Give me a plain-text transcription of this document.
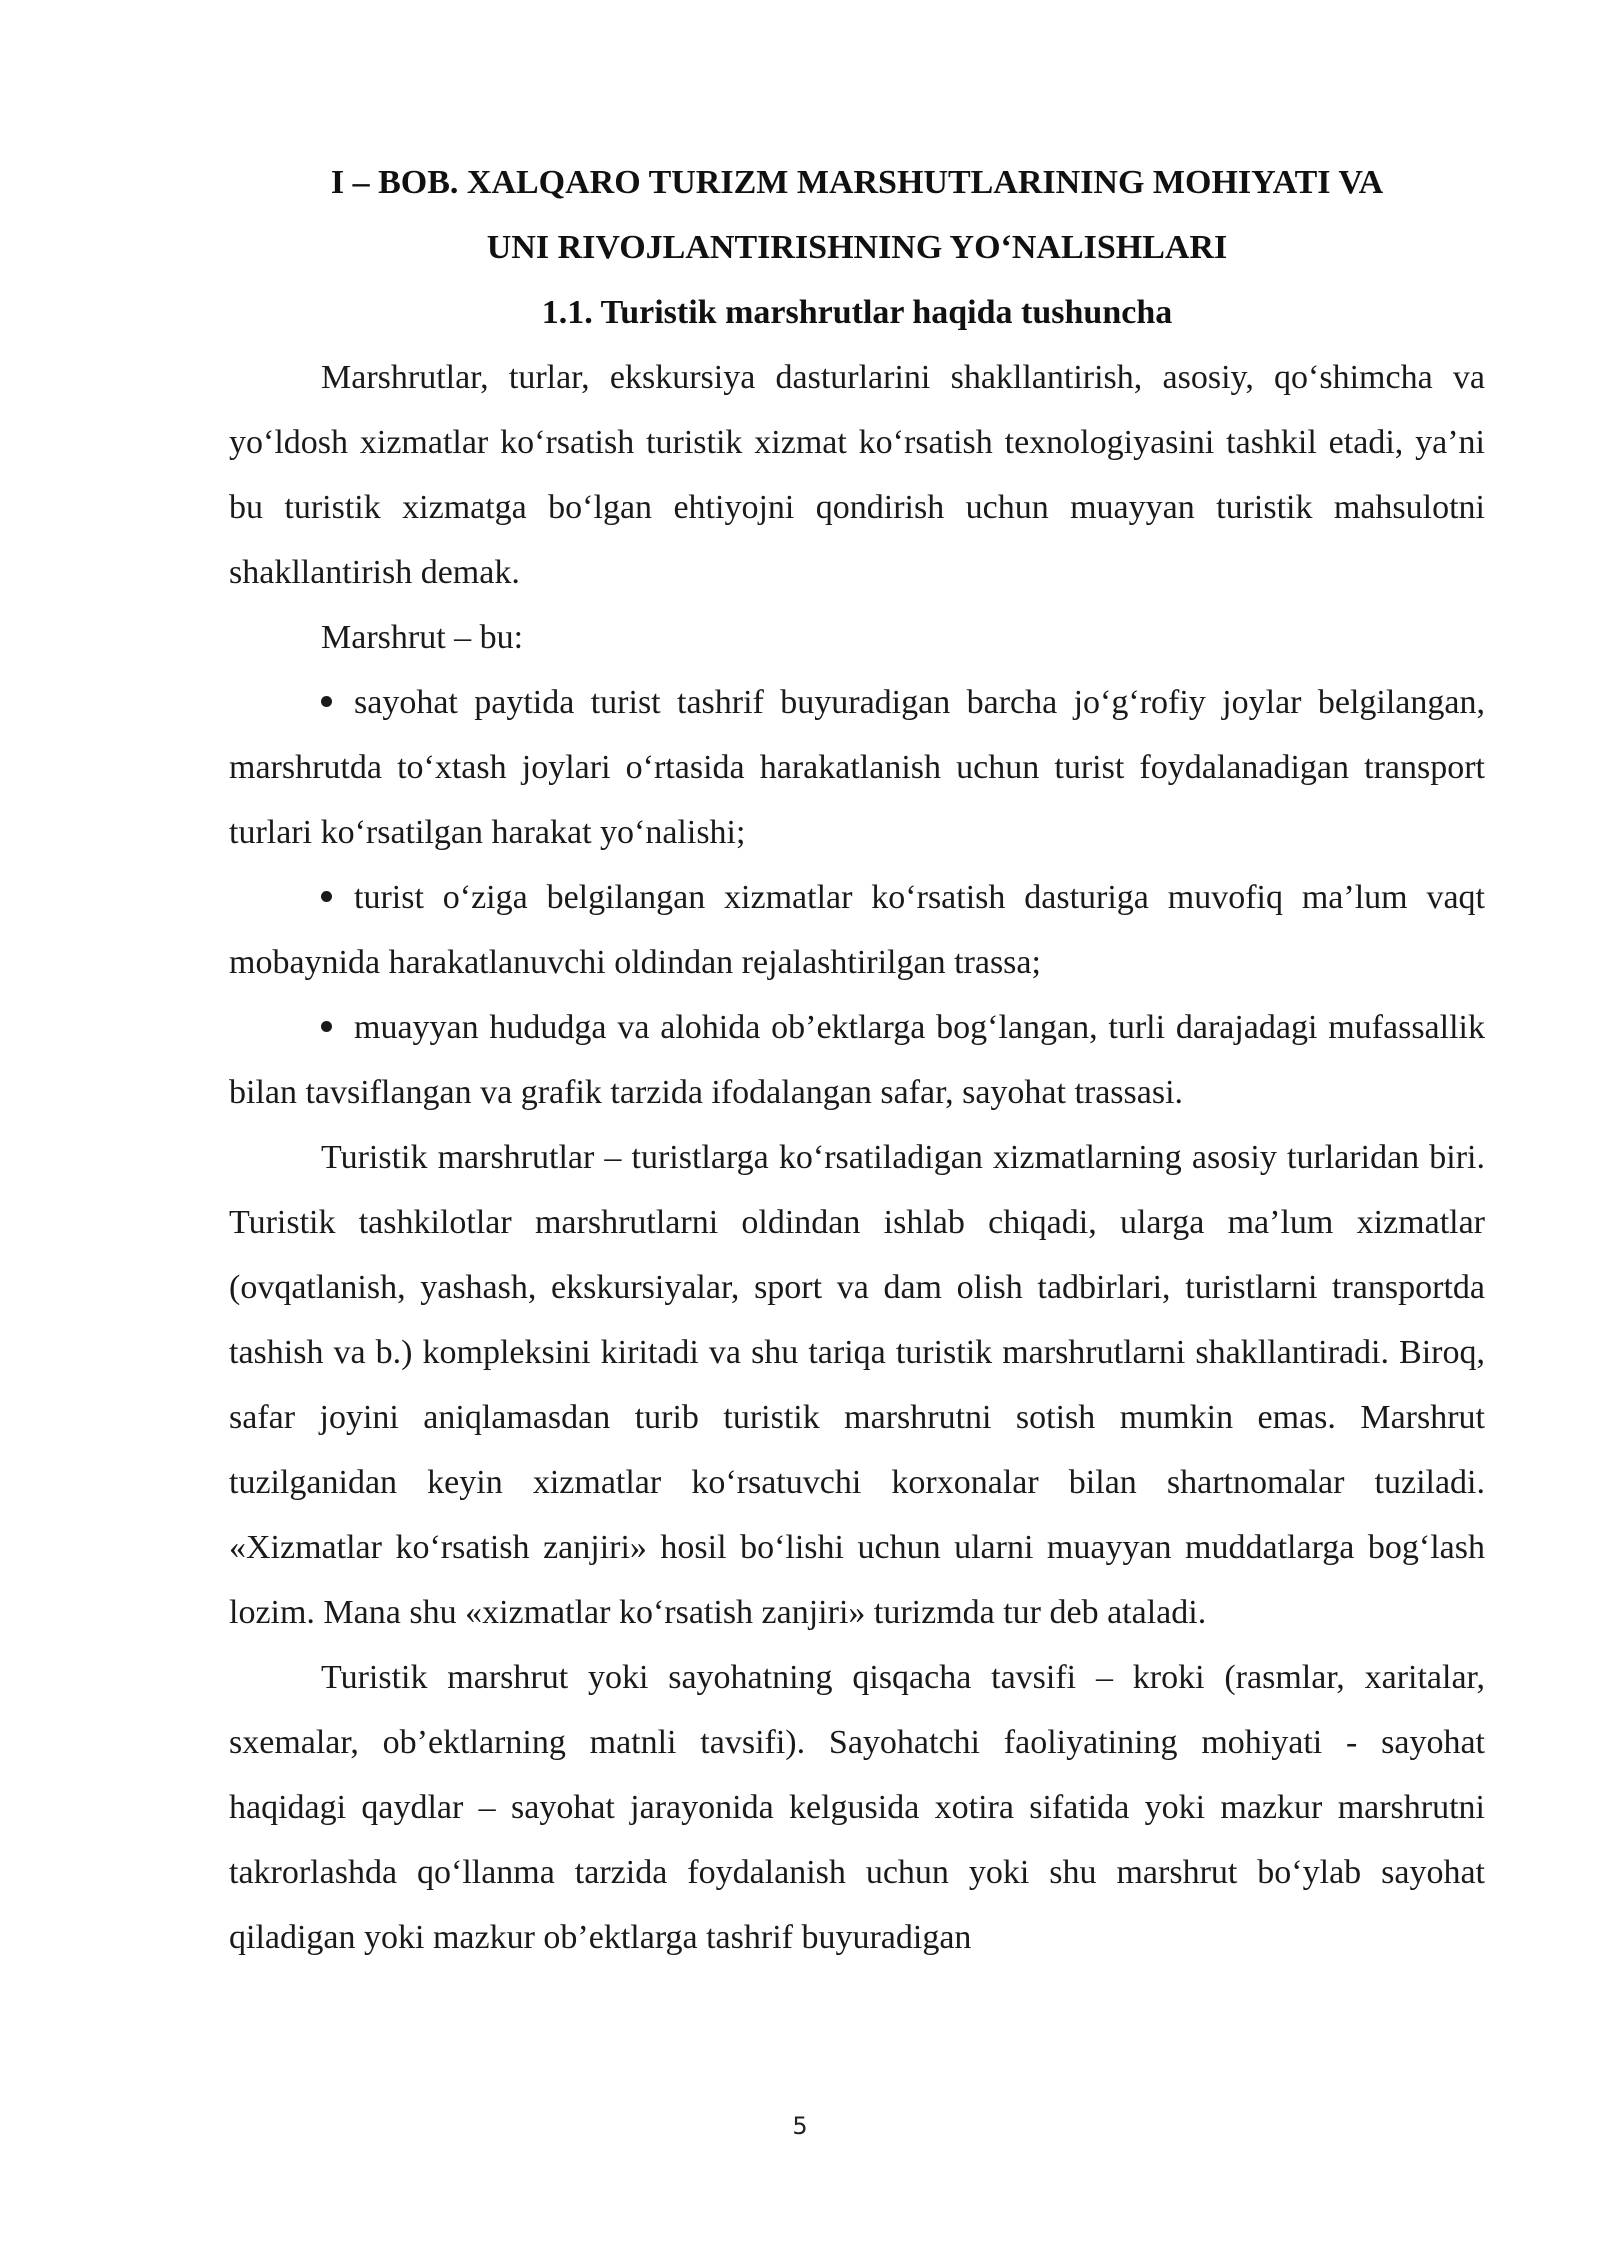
I – BOB. XALQARO TURIZM MARSHUTLARINING MOHIYATI VA
UNI RIVOJLANTIRISHNING YO‘NALISHLARI
1.1. Turistik marshrutlar haqida tushuncha

Marshrutlar, turlar, ekskursiya dasturlarini shakllantirish, asosiy, qo‘shimcha va yo‘ldosh xizmatlar ko‘rsatish turistik xizmat ko‘rsatish texnologiyasini tashkil etadi, ya’ni bu turistik xizmatga bo‘lgan ehtiyojni qondirish uchun muayyan turistik mahsulotni shakllantirish demak.

Marshrut – bu:

sayohat paytida turist tashrif buyuradigan barcha jo‘g‘rofiy joylar belgilangan, marshrutda to‘xtash joylari o‘rtasida harakatlanish uchun turist foydalanadigan transport turlari ko‘rsatilgan harakat yo‘nalishi;

turist o‘ziga belgilangan xizmatlar ko‘rsatish dasturiga muvofiq ma’lum vaqt mobaynida harakatlanuvchi oldindan rejalashtirilgan trassa;

muayyan hududga va alohida ob’ektlarga bog‘langan, turli darajadagi mufassallik bilan tavsiflangan va grafik tarzida ifodalangan safar, sayohat trassasi.

Turistik marshrutlar – turistlarga ko‘rsatiladigan xizmatlarning asosiy turlaridan biri. Turistik tashkilotlar marshrutlarni oldindan ishlab chiqadi, ularga ma’lum xizmatlar (ovqatlanish, yashash, ekskursiyalar, sport va dam olish tadbirlari, turistlarni transportda tashish va b.) kompleksini kiritadi va shu tariqa turistik marshrutlarni shakllantiradi. Biroq, safar joyini aniqlamasdan turib turistik marshrutni sotish mumkin emas. Marshrut tuzilganidan keyin xizmatlar ko‘rsatuvchi korxonalar bilan shartnomalar tuziladi. «Xizmatlar ko‘rsatish zanjiri» hosil bo‘lishi uchun ularni muayyan muddatlarga bog‘lash lozim. Mana shu «xizmatlar ko‘rsatish zanjiri» turizmda tur deb ataladi.

Turistik marshrut yoki sayohatning qisqacha tavsifi – kroki (rasmlar, xaritalar, sxemalar, ob’ektlarning matnli tavsifi). Sayohatchi faoliyatining mohiyati - sayohat haqidagi qaydlar – sayohat jarayonida kelgusida xotira sifatida yoki mazkur marshrutni takrorlashda qo‘llanma tarzida foydalanish uchun yoki shu marshrut bo‘ylab sayohat qiladigan yoki mazkur ob’ektlarga tashrif buyuradigan

5
